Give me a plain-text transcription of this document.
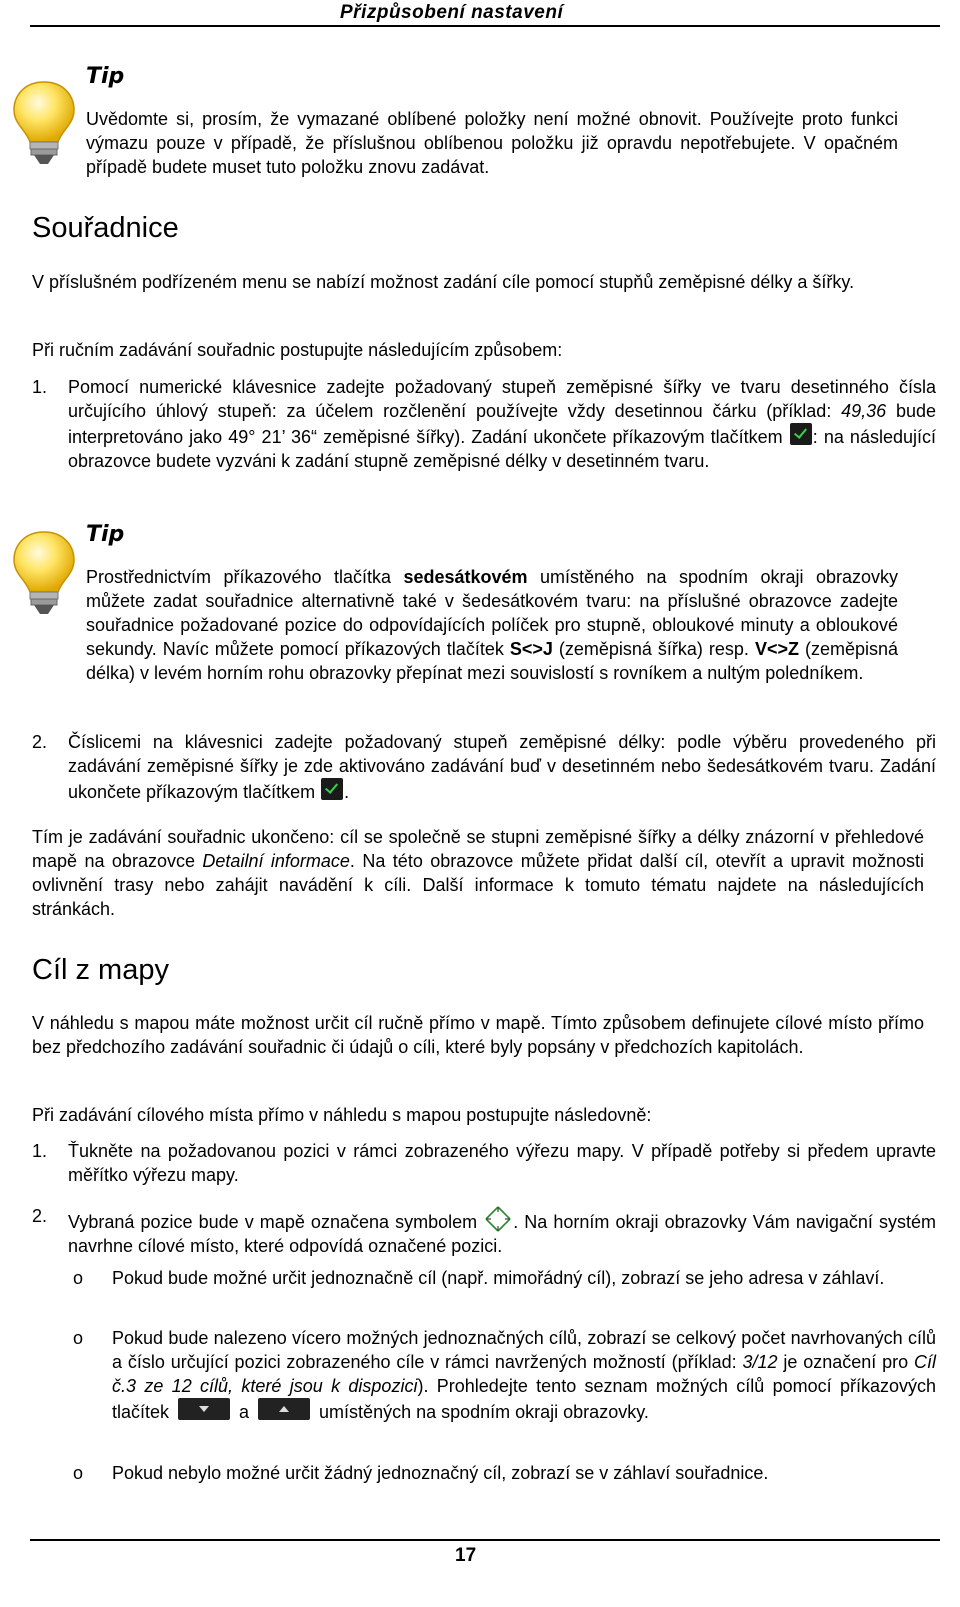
Přizpůsobení nastavení
Tip
Uvědomte si, prosím, že vymazané oblíbené položky není možné obnovit. Používejte proto funkci výmazu pouze v případě, že příslušnou oblíbenou položku již opravdu nepotřebujete. V opačném případě budete muset tuto položku znovu zadávat.
Souřadnice
V příslušném podřízeném menu se nabízí možnost zadání cíle pomocí stupňů zeměpisné délky a šířky.
Při ručním zadávání souřadnic postupujte následujícím způsobem:
1.	Pomocí numerické klávesnice zadejte požadovaný stupeň zeměpisné šířky ve tvaru desetinného čísla určujícího úhlový stupeň: za účelem rozčlenění používejte vždy desetinnou čárku (příklad: 49,36 bude interpretováno jako 49° 21’ 36“ zeměpisné šířky). Zadání ukončete příkazovým tlačítkem : na následující obrazovce budete vyzváni k zadání stupně zeměpisné délky v desetinném tvaru.
Tip
Prostřednictvím příkazového tlačítka sedesátkovém umístěného na spodním okraji obrazovky můžete zadat souřadnice alternativně také v šedesátkovém tvaru: na příslušné obrazovce zadejte souřadnice požadované pozice do odpovídajících políček pro stupně, obloukové minuty a obloukové sekundy. Navíc můžete pomocí příkazových tlačítek S<>J (zeměpisná šířka) resp. V<>Z (zeměpisná délka) v levém horním rohu obrazovky přepínat mezi souvislostí s rovníkem a nultým poledníkem.
2.	Číslicemi na klávesnici zadejte požadovaný stupeň zeměpisné délky: podle výběru provedeného při zadávání zeměpisné šířky je zde aktivováno zadávání buď v desetinném nebo šedesátkovém tvaru. Zadání ukončete příkazovým tlačítkem .
Tím je zadávání souřadnic ukončeno: cíl se společně se stupni zeměpisné šířky a délky znázorní v přehledové mapě na obrazovce Detailní informace. Na této obrazovce můžete přidat další cíl, otevřít a upravit možnosti ovlivnění trasy nebo zahájit navádění k cíli. Další informace k tomuto tématu najdete na následujících stránkách.
Cíl z mapy
V náhledu s mapou máte možnost určit cíl ručně přímo v mapě. Tímto způsobem definujete cílové místo přímo bez předchozího zadávání souřadnic či údajů o cíli, které byly popsány v předchozích kapitolách.
Při zadávání cílového místa přímo v náhledu s mapou postupujte následovně:
1.	Ťukněte na požadovanou pozici v rámci zobrazeného výřezu mapy. V případě potřeby si předem upravte měřítko výřezu mapy.
2.	Vybraná pozice bude v mapě označena symbolem . Na horním okraji obrazovky Vám navigační systém navrhne cílové místo, které odpovídá označené pozici.
o Pokud bude možné určit jednoznačně cíl (např. mimořádný cíl), zobrazí se jeho adresa v záhlaví.
o Pokud bude nalezeno vícero možných jednoznačných cílů, zobrazí se celkový počet navrhovaných cílů a číslo určující pozici zobrazeného cíle v rámci navržených možností (příklad: 3/12 je označení pro Cíl č.3 ze 12 cílů, které jsou k dispozici). Prohledejte tento seznam možných cílů pomocí příkazových tlačítek	a	umístěných na spodním okraji obrazovky.
o Pokud nebylo možné určit žádný jednoznačný cíl, zobrazí se v záhlaví souřadnice.
17
